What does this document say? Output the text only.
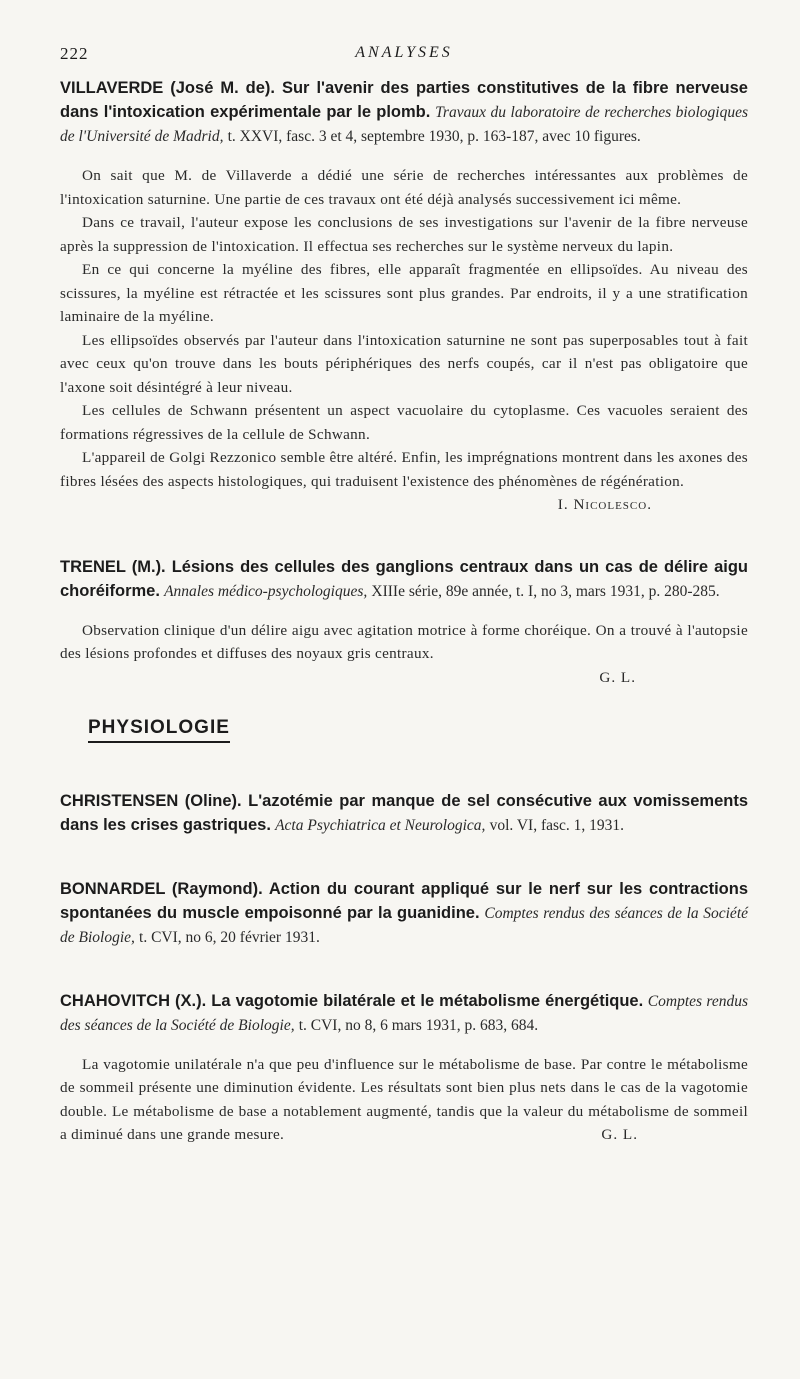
222	ANALYSES

VILLAVERDE (José M. de). Sur l'avenir des parties constitutives de la fibre nerveuse dans l'intoxication expérimentale par le plomb. Travaux du laboratoire de recherches biologiques de l'Université de Madrid, t. XXVI, fasc. 3 et 4, septembre 1930, p. 163-187, avec 10 figures.

On sait que M. de Villaverde a dédié une série de recherches intéressantes aux problèmes de l'intoxication saturnine. Une partie de ces travaux ont été déjà analysés successivement ici même.

Dans ce travail, l'auteur expose les conclusions de ses investigations sur l'avenir de la fibre nerveuse après la suppression de l'intoxication. Il effectua ses recherches sur le système nerveux du lapin.

En ce qui concerne la myéline des fibres, elle apparaît fragmentée en ellipsoïdes. Au niveau des scissures, la myéline est rétractée et les scissures sont plus grandes. Par endroits, il y a une stratification laminaire de la myéline.

Les ellipsoïdes observés par l'auteur dans l'intoxication saturnine ne sont pas superposables tout à fait avec ceux qu'on trouve dans les bouts périphériques des nerfs coupés, car il n'est pas obligatoire que l'axone soit désintégré à leur niveau.

Les cellules de Schwann présentent un aspect vacuolaire du cytoplasme. Ces vacuoles seraient des formations régressives de la cellule de Schwann.

L'appareil de Golgi Rezzonico semble être altéré. Enfin, les imprégnations montrent dans les axones des fibres lésées des aspects histologiques, qui traduisent l'existence des phénomènes de régénération.
I. Nicolesco.

TRENEL (M.). Lésions des cellules des ganglions centraux dans un cas de délire aigu choréiforme. Annales médico-psychologiques, XIIIe série, 89e année, t. I, no 3, mars 1931, p. 280-285.

Observation clinique d'un délire aigu avec agitation motrice à forme choréique. On a trouvé à l'autopsie des lésions profondes et diffuses des noyaux gris centraux.

G. L.
PHYSIOLOGIE

CHRISTENSEN (Oline). L'azotémie par manque de sel consécutive aux vomissements dans les crises gastriques. Acta Psychiatrica et Neurologica, vol. VI, fasc. 1, 1931.

BONNARDEL (Raymond). Action du courant appliqué sur le nerf sur les contractions spontanées du muscle empoisonné par la guanidine. Comptes rendus des séances de la Société de Biologie, t. CVI, no 6, 20 février 1931.

CHAHOVITCH (X.). La vagotomie bilatérale et le métabolisme énergétique. Comptes rendus des séances de la Société de Biologie, t. CVI, no 8, 6 mars 1931, p. 683, 684.

La vagotomie unilatérale n'a que peu d'influence sur le métabolisme de base. Par contre le métabolisme de sommeil présente une diminution évidente. Les résultats sont bien plus nets dans le cas de la vagotomie double. Le métabolisme de base a notablement augmenté, tandis que la valeur du métabolisme de sommeil a diminué dans une grande mesure.	G. L.
